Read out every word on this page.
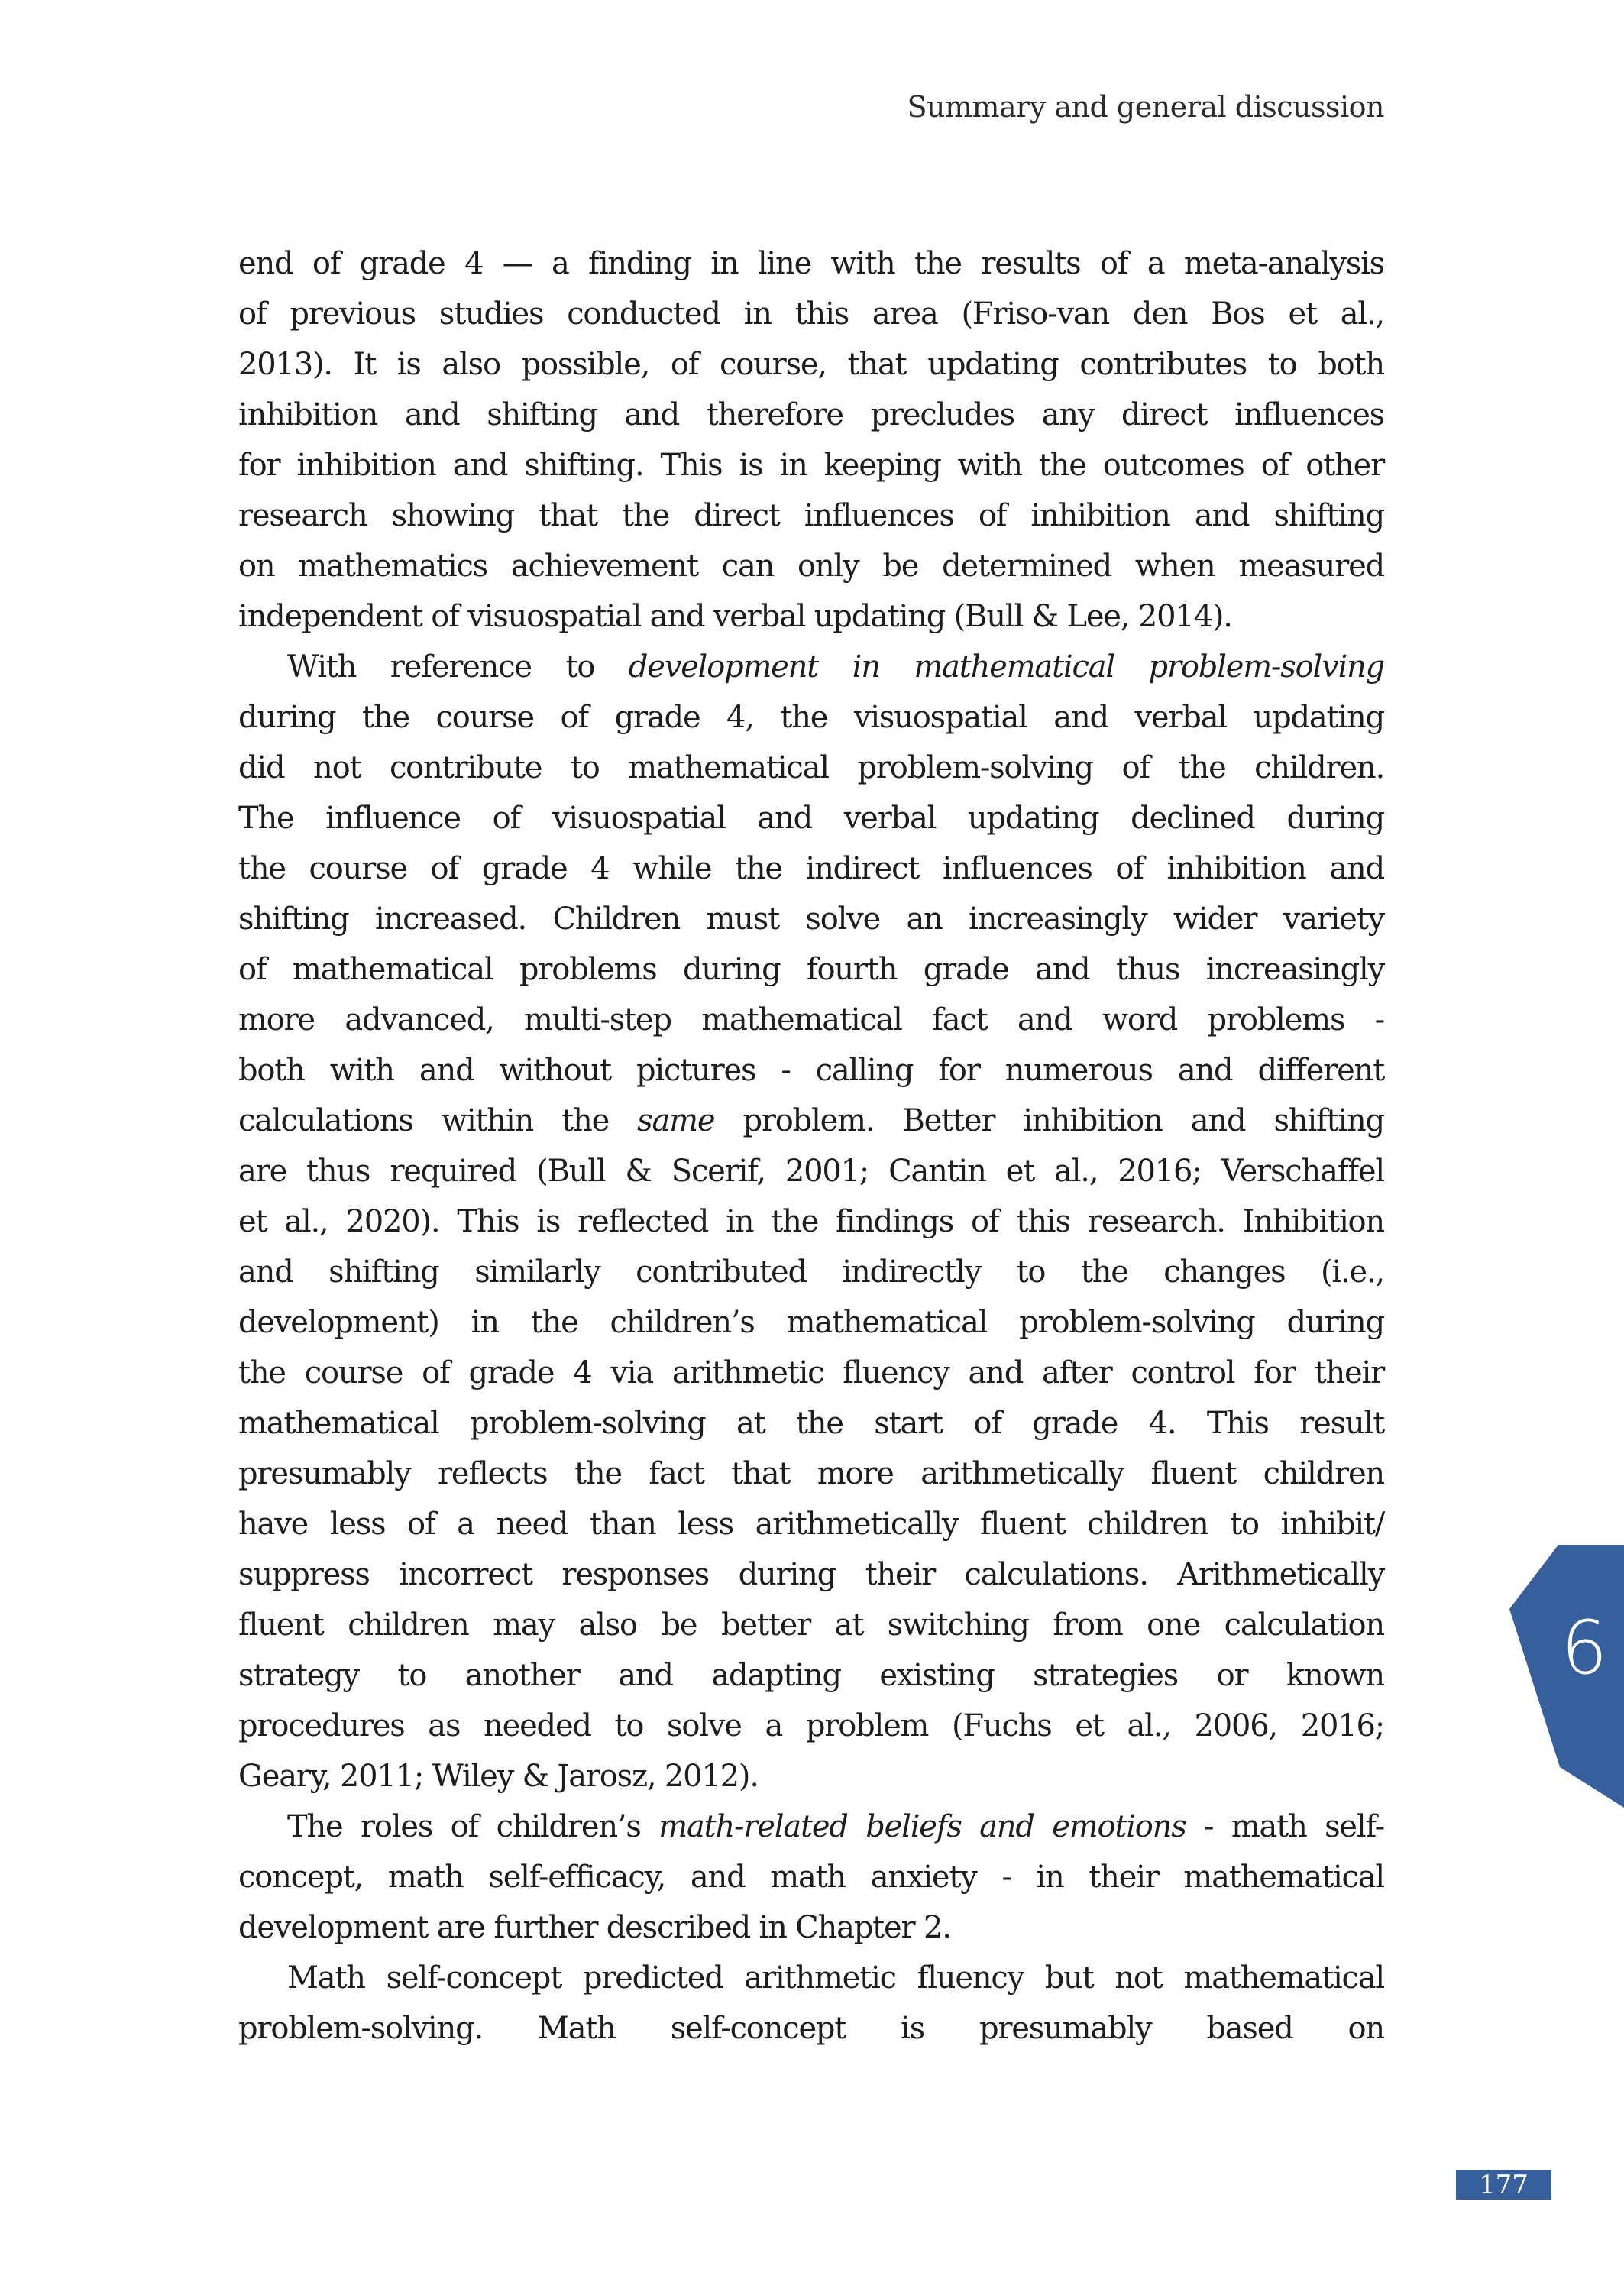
Summary and general discussion
end of grade 4 — a finding in line with the results of a meta-analysis
of previous studies conducted in this area (Friso-van den Bos et al.,
2013). It is also possible, of course, that updating contributes to both
inhibition and shifting and therefore precludes any direct influences
for inhibition and shifting. This is in keeping with the outcomes of other
research showing that the direct influences of inhibition and shifting
on mathematics achievement can only be determined when measured
independent of visuospatial and verbal updating (Bull & Lee, 2014).
With reference to development in mathematical problem-solving
during the course of grade 4, the visuospatial and verbal updating
did not contribute to mathematical problem-solving of the children.
The influence of visuospatial and verbal updating declined during
the course of grade 4 while the indirect influences of inhibition and
shifting increased. Children must solve an increasingly wider variety
of mathematical problems during fourth grade and thus increasingly
more advanced, multi-step mathematical fact and word problems -
both with and without pictures - calling for numerous and different
calculations within the same problem. Better inhibition and shifting
are thus required (Bull & Scerif, 2001; Cantin et al., 2016; Verschaffel
et al., 2020). This is reflected in the findings of this research. Inhibition
and shifting similarly contributed indirectly to the changes (i.e.,
development) in the children’s mathematical problem-solving during
the course of grade 4 via arithmetic fluency and after control for their
mathematical problem-solving at the start of grade 4. This result
presumably reflects the fact that more arithmetically fluent children
have less of a need than less arithmetically fluent children to inhibit/
suppress incorrect responses during their calculations. Arithmetically
fluent children may also be better at switching from one calculation
strategy to another and adapting existing strategies or known
procedures as needed to solve a problem (Fuchs et al., 2006, 2016;
Geary, 2011; Wiley & Jarosz, 2012).
The roles of children’s math-related beliefs and emotions - math self-
concept, math self-efficacy, and math anxiety - in their mathematical
development are further described in Chapter 2.
Math self-concept predicted arithmetic fluency but not mathematical
problem-solving. Math self-concept is presumably based on
6
177
